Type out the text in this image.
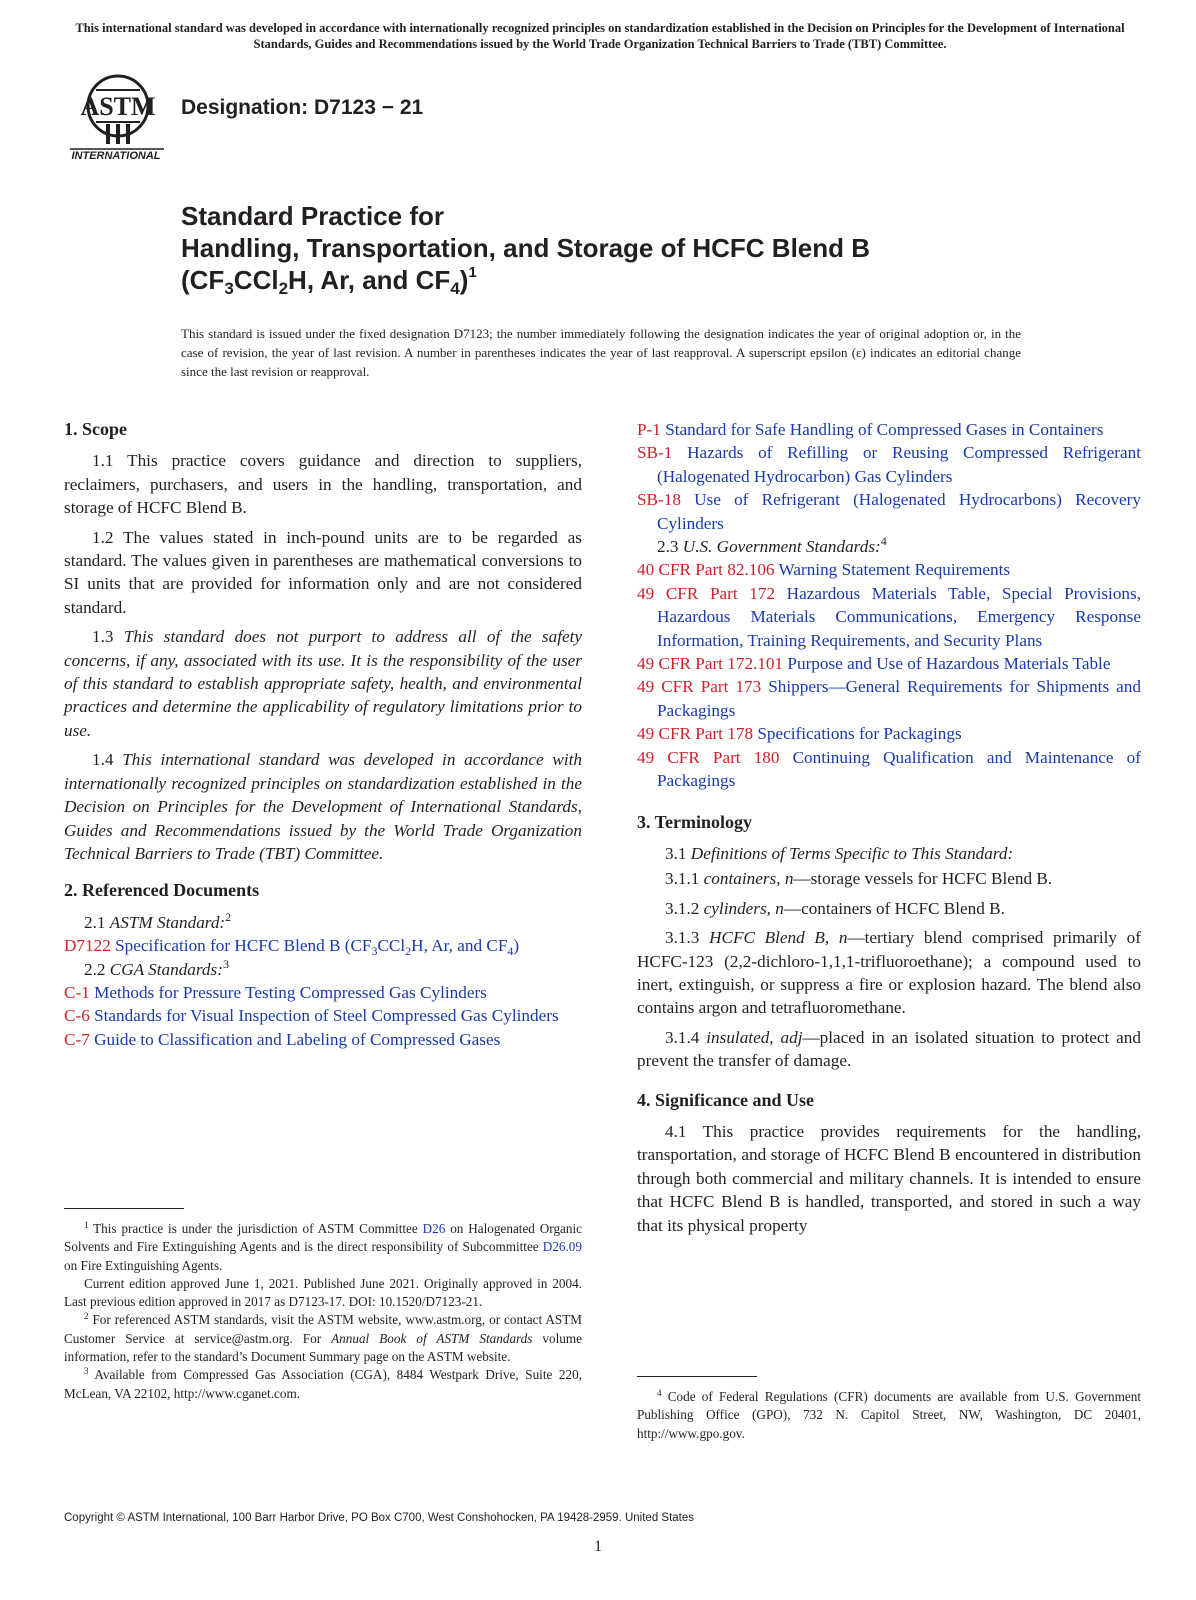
This international standard was developed in accordance with internationally recognized principles on standardization established in the Decision on Principles for the Development of International Standards, Guides and Recommendations issued by the World Trade Organization Technical Barriers to Trade (TBT) Committee.
ASTM
INTERNATIONAL
Designation: D7123 − 21
Standard Practice for
Handling, Transportation, and Storage of HCFC Blend B
($CF_3CCl_2H$, Ar, and $CF_4)^1$
This standard is issued under the fixed designation D7123; the number immediately following the designation indicates the year of original adoption or, in the case of revision, the year of last revision. A number in parentheses indicates the year of last reapproval. A superscript epsilon (ε) indicates an editorial change since the last revision or reapproval.
1. Scope
1.1 This practice covers guidance and direction to suppliers, reclaimers, purchasers, and users in the handling, transportation, and storage of HCFC Blend B.
1.2 The values stated in inch-pound units are to be regarded as standard. The values given in parentheses are mathematical conversions to SI units that are provided for information only and are not considered standard.
1.3 This standard does not purport to address all of the safety concerns, if any, associated with its use. It is the responsibility of the user of this standard to establish appropriate safety, health, and environmental practices and determine the applicability of regulatory limitations prior to use.
1.4 This international standard was developed in accordance with internationally recognized principles on standardization established in the Decision on Principles for the Development of International Standards, Guides and Recommendations issued by the World Trade Organization Technical Barriers to Trade (TBT) Committee.
2. Referenced Documents
2.1 ASTM Standard:$^2$
D7122 Specification for HCFC Blend B ($CF_3CCl_2H$, Ar, and $CF_4$)
2.2 CGA Standards:$^3$
C-1 Methods for Pressure Testing Compressed Gas Cylinders
C-6 Standards for Visual Inspection of Steel Compressed Gas Cylinders
C-7 Guide to Classification and Labeling of Compressed Gases
P-1 Standard for Safe Handling of Compressed Gases in Containers
SB-1 Hazards of Refilling or Reusing Compressed Refrigerant (Halogenated Hydrocarbon) Gas Cylinders
SB-18 Use of Refrigerant (Halogenated Hydrocarbons) Recovery Cylinders
2.3 U.S. Government Standards:$^4$
40 CFR Part 82.106 Warning Statement Requirements
49 CFR Part 172 Hazardous Materials Table, Special Provisions, Hazardous Materials Communications, Emergency Response Information, Training Requirements, and Security Plans
49 CFR Part 172.101 Purpose and Use of Hazardous Materials Table
49 CFR Part 173 Shippers—General Requirements for Shipments and Packagings
49 CFR Part 178 Specifications for Packagings
49 CFR Part 180 Continuing Qualification and Maintenance of Packagings
3. Terminology
3.1 Definitions of Terms Specific to This Standard:
3.1.1 containers, n—storage vessels for HCFC Blend B.
3.1.2 cylinders, n—containers of HCFC Blend B.
3.1.3 HCFC Blend B, n—tertiary blend comprised primarily of HCFC-123 (2,2-dichloro-1,1,1-trifluoroethane); a compound used to inert, extinguish, or suppress a fire or explosion hazard. The blend also contains argon and tetrafluoromethane.
3.1.4 insulated, adj—placed in an isolated situation to protect and prevent the transfer of damage.
4. Significance and Use
4.1 This practice provides requirements for the handling, transportation, and storage of HCFC Blend B encountered in distribution through both commercial and military channels. It is intended to ensure that HCFC Blend B is handled, transported, and stored in such a way that its physical property

$^1$ This practice is under the jurisdiction of ASTM Committee D26 on Halogenated Organic Solvents and Fire Extinguishing Agents and is the direct responsibility of Subcommittee D26.09 on Fire Extinguishing Agents.

Current edition approved June 1, 2021. Published June 2021. Originally approved in 2004. Last previous edition approved in 2017 as D7123-17. DOI: 10.1520/D7123-21.

$^2$ For referenced ASTM standards, visit the ASTM website, www.astm.org, or contact ASTM Customer Service at service@astm.org. For Annual Book of ASTM Standards volume information, refer to the standard’s Document Summary page on the ASTM website.

$^3$ Available from Compressed Gas Association (CGA), 8484 Westpark Drive, Suite 220, McLean, VA 22102, http://www.cganet.com.	$^4$ Code of Federal Regulations (CFR) documents are available from U.S. Government Publishing Office (GPO), 732 N. Capitol Street, NW, Washington, DC 20401, http://www.gpo.gov.

Copyright © ASTM International, 100 Barr Harbor Drive, PO Box C700, West Conshohocken, PA 19428-2959. United States
1
